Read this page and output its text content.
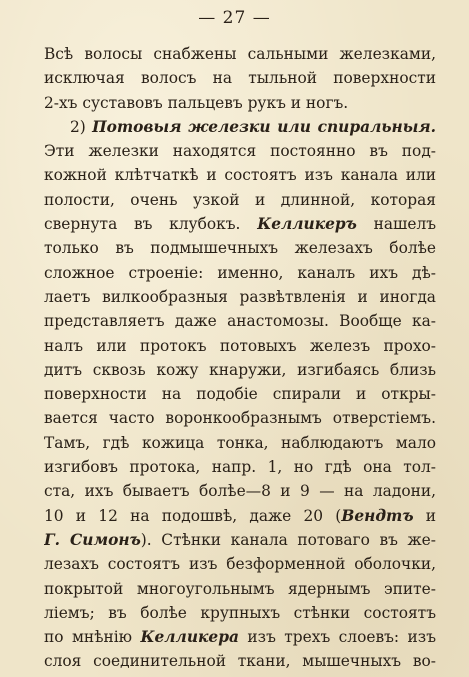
— 27 —
Всѣ волосы снабжены сальными железками,
исключая волосъ на тыльной поверхности
2-хъ суставовъ пальцевъ рукъ и ногъ.
2) Потовыя железки или спиральныя.
Эти железки находятся постоянно въ под-
кожной клѣтчаткѣ и состоятъ изъ канала или
полости, очень узкой и длинной, которая
свернута въ клубокъ. Келликеръ нашелъ
только въ подмышечныхъ железахъ болѣе
сложное строеніе: именно, каналъ ихъ дѣ-
лаетъ вилкообразныя развѣтвленія и иногда
представляетъ даже анастомозы. Вообще ка-
налъ или протокъ потовыхъ железъ прохо-
дитъ сквозь кожу кнаружи, изгибаясь близь
поверхности на подобіе спирали и откры-
вается часто воронкообразнымъ отверстіемъ.
Тамъ, гдѣ кожица тонка, наблюдаютъ мало
изгибовъ протока, напр. 1, но гдѣ она тол-
ста, ихъ бываетъ болѣе—8 и 9 — на ладони,
10 и 12 на подошвѣ, даже 20 (Вендтъ и
Г. Симонъ). Стѣнки канала потоваго въ же-
лезахъ состоятъ изъ безформенной оболочки,
покрытой многоугольнымъ ядернымъ эпите-
ліемъ; въ болѣе крупныхъ стѣнки состоятъ
по мнѣнію Келликера изъ трехъ слоевъ: изъ
слоя соединительной ткани, мышечныхъ во-
